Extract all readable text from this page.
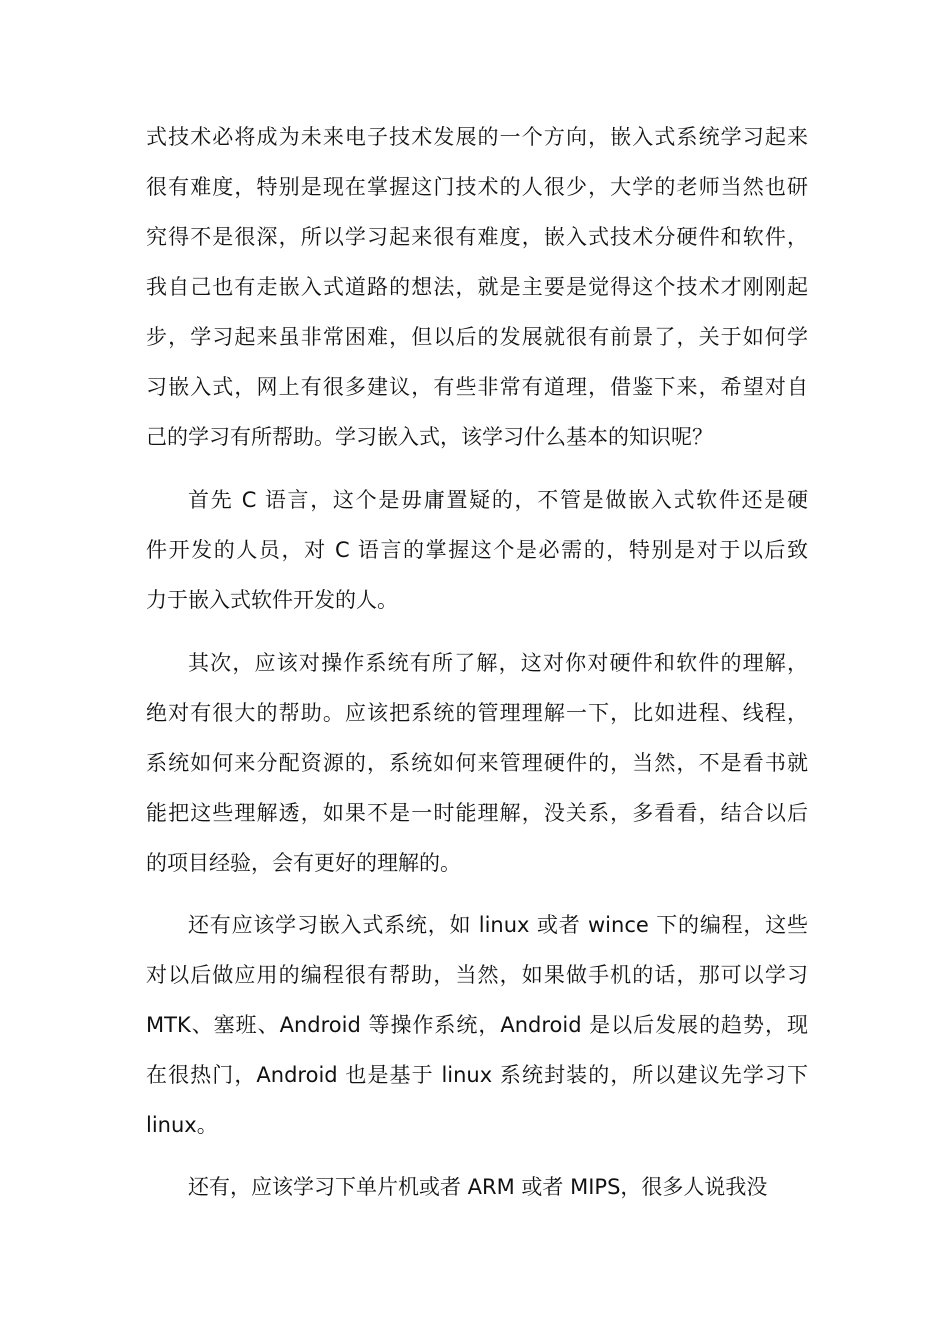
式技术必将成为未来电子技术发展的一个方向，嵌入式系统学习起来
很有难度，特别是现在掌握这门技术的人很少，大学的老师当然也研
究得不是很深，所以学习起来很有难度，嵌入式技术分硬件和软件，
我自己也有走嵌入式道路的想法，就是主要是觉得这个技术才刚刚起
步，学习起来虽非常困难，但以后的发展就很有前景了，关于如何学
习嵌入式，网上有很多建议，有些非常有道理，借鉴下来，希望对自
己的学习有所帮助。学习嵌入式，该学习什么基本的知识呢？
首先 C 语言，这个是毋庸置疑的，不管是做嵌入式软件还是硬
件开发的人员，对 C 语言的掌握这个是必需的，特别是对于以后致
力于嵌入式软件开发的人。
其次，应该对操作系统有所了解，这对你对硬件和软件的理解，
绝对有很大的帮助。应该把系统的管理理解一下，比如进程、线程，
系统如何来分配资源的，系统如何来管理硬件的，当然，不是看书就
能把这些理解透，如果不是一时能理解，没关系，多看看，结合以后
的项目经验，会有更好的理解的。
还有应该学习嵌入式系统，如 linux 或者 wince 下的编程，这些
对以后做应用的编程很有帮助，当然，如果做手机的话，那可以学习
MTK、塞班、Android 等操作系统，Android 是以后发展的趋势，现
在很热门，Android 也是基于 linux 系统封装的，所以建议先学习下
linux。
还有，应该学习下单片机或者 ARM 或者 MIPS，很多人说我没
